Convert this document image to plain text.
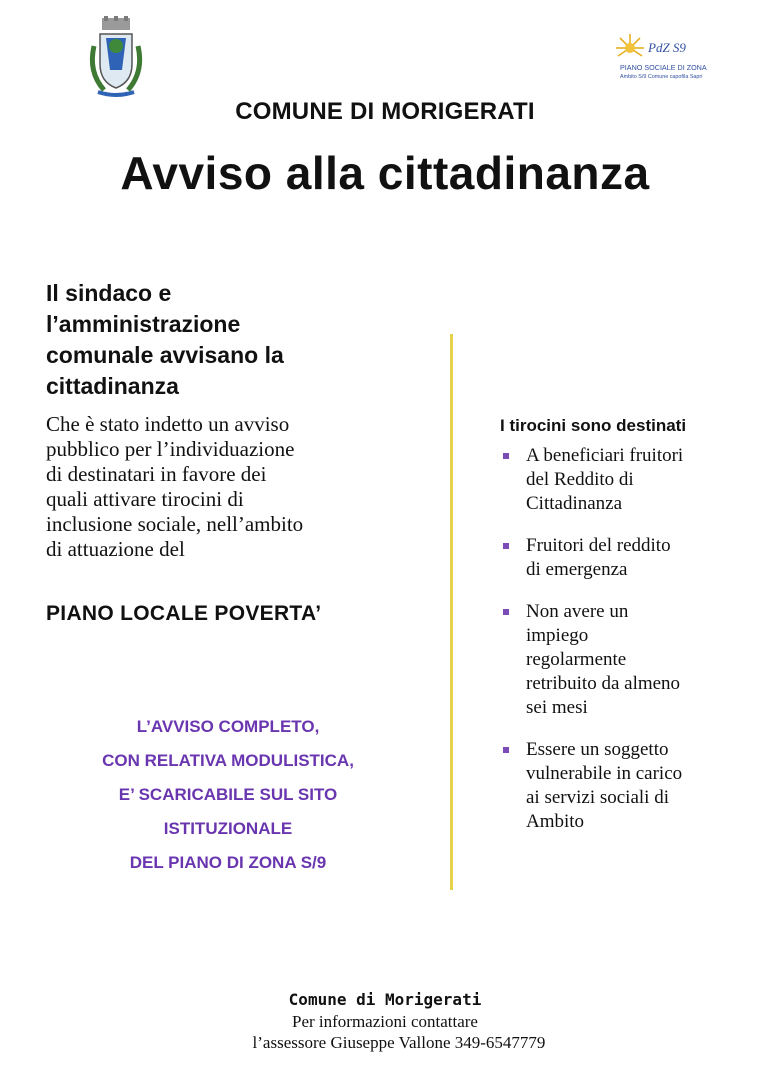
PdZ S9
PIANO SOCIALE DI ZONA
Ambito S/9 Comune capofila Sapri
COMUNE DI MORIGERATI
Avviso alla cittadinanza
Il sindaco e
l’amministrazione
comunale avvisano la
cittadinanza
Che è stato indetto un avviso
pubblico per l’individuazione
di destinatari in favore dei
quali attivare tirocini di
inclusione sociale, nell’ambito
di attuazione del
PIANO LOCALE POVERTA’
L’AVVISO COMPLETO,
CON RELATIVA MODULISTICA,
E’ SCARICABILE SUL SITO
ISTITUZIONALE
DEL PIANO DI ZONA S/9
I tirocini sono destinati
A beneficiari fruitori
del Reddito di
Cittadinanza
Fruitori del reddito
di emergenza
Non avere un
impiego
regolarmente
retribuito da almeno
sei mesi
Essere un soggetto
vulnerabile in carico
ai servizi sociali di
Ambito
Comune di Morigerati
Per informazioni contattare
l’assessore Giuseppe Vallone 349-6547779
